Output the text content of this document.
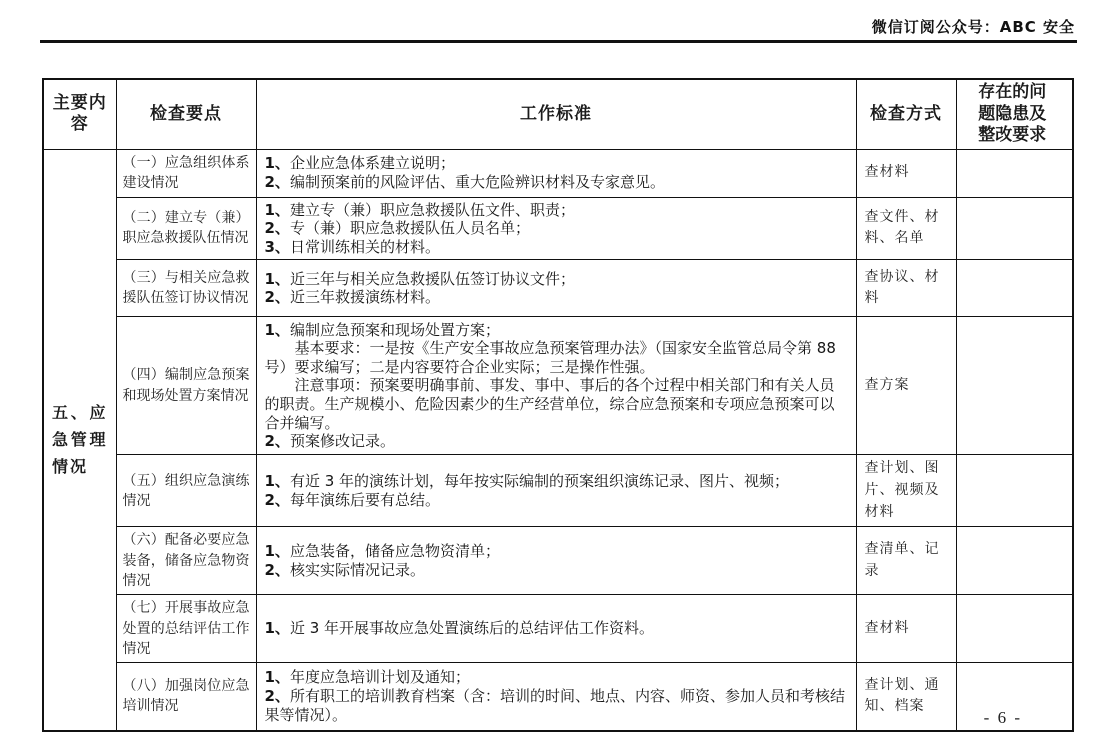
微信订阅公众号：ABC 安全
主要内容	检查要点	工作标准	检查方式	存在的问题隐患及整改要求

五、应急管理情况	（一）应急组织体系建设情况	1、企业应急体系建立说明；
2、编制预案前的风险评估、重大危险辨识材料及专家意见。	查材料	
	（二）建立专（兼）职应急救援队伍情况	1、建立专（兼）职应急救援队伍文件、职责；
2、专（兼）职应急救援队伍人员名单；
3、日常训练相关的材料。	查文件、材料、名单	
	（三）与相关应急救援队伍签订协议情况	1、近三年与相关应急救援队伍签订协议文件；
2、近三年救援演练材料。	查协议、材料	
	（四）编制应急预案和现场处置方案情况	1、编制应急预案和现场处置方案；
基本要求：一是按《生产安全事故应急预案管理办法》（国家安全监管总局令第 88 号）要求编写；二是内容要符合企业实际；三是操作性强。
注意事项：预案要明确事前、事发、事中、事后的各个过程中相关部门和有关人员的职责。生产规模小、危险因素少的生产经营单位，综合应急预案和专项应急预案可以合并编写。
2、预案修改记录。	查方案	
	（五）组织应急演练情况	1、有近 3 年的演练计划，每年按实际编制的预案组织演练记录、图片、视频；
2、每年演练后要有总结。	查计划、图片、视频及材料	
	（六）配备必要应急装备，储备应急物资情况	1、应急装备，储备应急物资清单；
2、核实实际情况记录。	查清单、记录	
	（七）开展事故应急处置的总结评估工作情况	1、近 3 年开展事故应急处置演练后的总结评估工作资料。	查材料	
	（八）加强岗位应急培训情况	1、年度应急培训计划及通知；
2、所有职工的培训教育档案（含：培训的时间、地点、内容、师资、参加人员和考核结果等情况）。	查计划、通知、档案	
- 6 -
